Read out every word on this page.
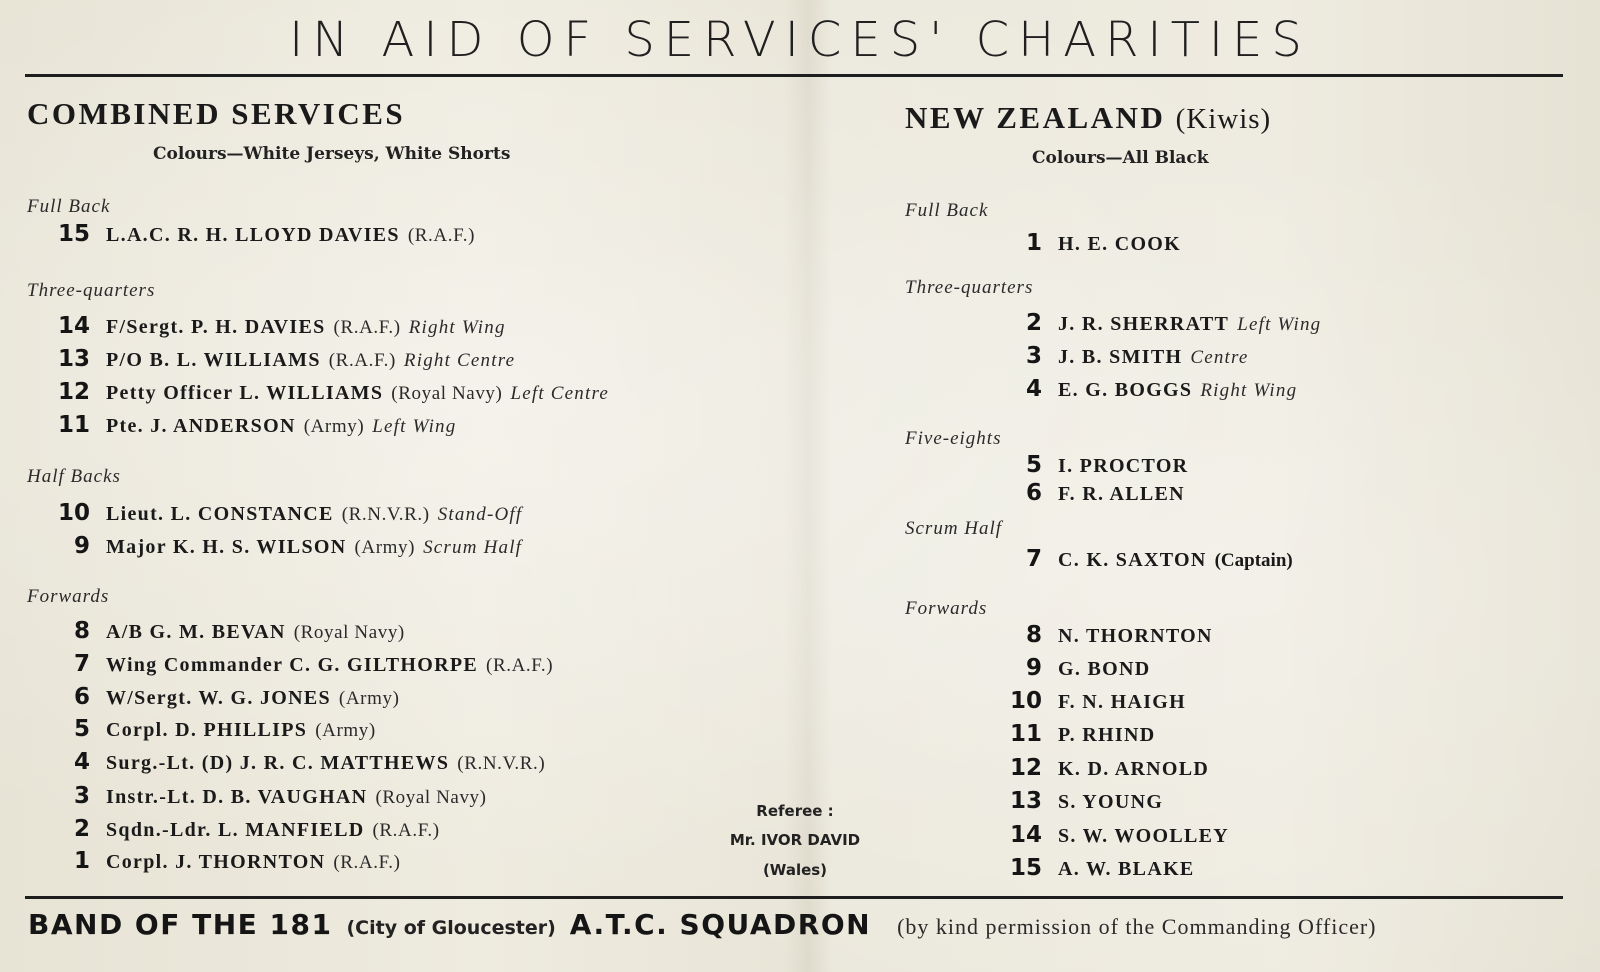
IN AID OF SERVICES' CHARITIES
COMBINED SERVICES
Colours—White Jerseys, White Shorts
Full Back
15 L.A.C. R. H. LLOYD DAVIES (R.A.F.)
Three-quarters
14 F/Sergt. P. H. DAVIES (R.A.F.) Right Wing
13 P/O B. L. WILLIAMS (R.A.F.) Right Centre
12 Petty Officer L. WILLIAMS (Royal Navy) Left Centre
11 Pte. J. ANDERSON (Army) Left Wing
Half Backs
10 Lieut. L. CONSTANCE (R.N.V.R.) Stand-Off
9 Major K. H. S. WILSON (Army) Scrum Half
Forwards
8 A/B G. M. BEVAN (Royal Navy)
7 Wing Commander C. G. GILTHORPE (R.A.F.)
6 W/Sergt. W. G. JONES (Army)
5 Corpl. D. PHILLIPS (Army)
4 Surg.-Lt. (D) J. R. C. MATTHEWS (R.N.V.R.)
3 Instr.-Lt. D. B. VAUGHAN (Royal Navy)
2 Sqdn.-Ldr. L. MANFIELD (R.A.F.)
1 Corpl. J. THORNTON (R.A.F.)
Referee :
Mr. IVOR DAVID
(Wales)
NEW ZEALAND (Kiwis)
Colours—All Black
Full Back
1 H. E. COOK
Three-quarters
2 J. R. SHERRATT Left Wing
3 J. B. SMITH Centre
4 E. G. BOGGS Right Wing
Five-eights
5 I. PROCTOR
6 F. R. ALLEN
Scrum Half
7 C. K. SAXTON (Captain)
Forwards
8 N. THORNTON
9 G. BOND
10 F. N. HAIGH
11 P. RHIND
12 K. D. ARNOLD
13 S. YOUNG
14 S. W. WOOLLEY
15 A. W. BLAKE
BAND OF THE 181 (City of Gloucester) A.T.C. SQUADRON (by kind permission of the Commanding Officer)
